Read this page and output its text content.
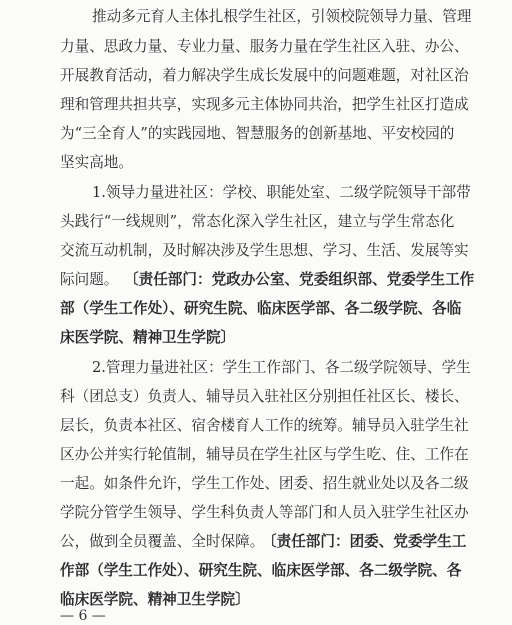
推动多元育人主体扎根学生社区，引领校院领导力量、管理
力量、思政力量、专业力量、服务力量在学生社区入驻、办公、
开展教育活动，着力解决学生成长发展中的问题难题，对社区治
理和管理共担共享，实现多元主体协同共治，把学生社区打造成
为“三全育人”的实践园地、智慧服务的创新基地、平安校园的
坚实高地。
1.领导力量进社区：学校、职能处室、二级学院领导干部带
头践行“一线规则”，常态化深入学生社区，建立与学生常态化
交流互动机制，及时解决涉及学生思想、学习、生活、发展等实
际问题。 〔责任部门：党政办公室、党委组织部、党委学生工作
部（学生工作处）、研究生院、临床医学部、各二级学院、各临
床医学院、精神卫生学院〕
2.管理力量进社区：学生工作部门、各二级学院领导、学生
科（团总支）负责人、辅导员入驻社区分别担任社区长、楼长、
层长，负责本社区、宿舍楼育人工作的统筹。辅导员入驻学生社
区办公并实行轮值制，辅导员在学生社区与学生吃、住、工作在
一起。如条件允许，学生工作处、团委、招生就业处以及各二级
学院分管学生领导、学生科负责人等部门和人员入驻学生社区办
公，做到全员覆盖、全时保障。
〔责任部门：团委、党委学生工
作部（学生工作处）、研究生院、临床医学部、各二级学院、各
临床医学院、精神卫生学院〕
— 6 —
